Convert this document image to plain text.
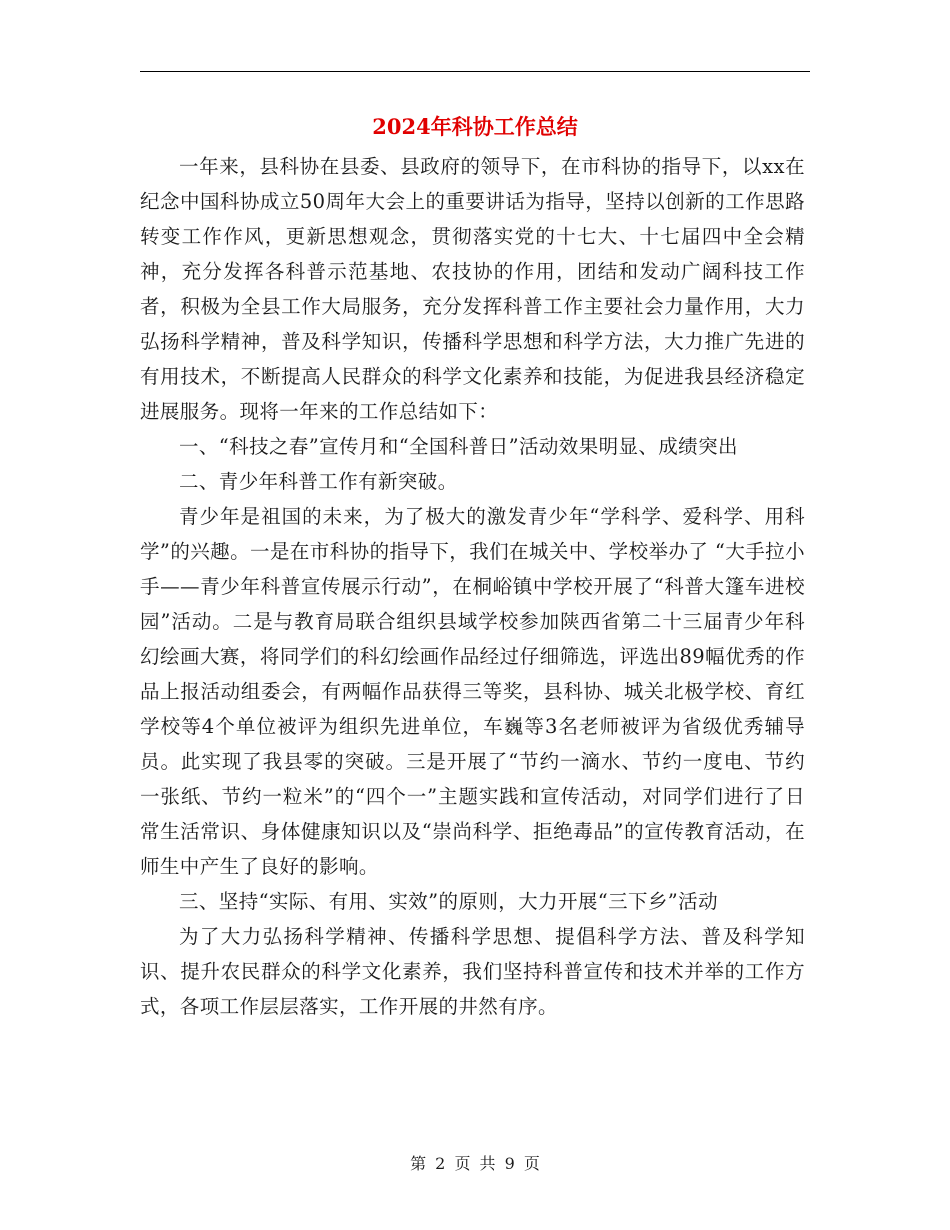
2024年科协工作总结

一年来，县科协在县委、县政府的领导下，在市科协的指导下，以xx在纪念中国科协成立50周年大会上的重要讲话为指导，坚持以创新的工作思路转变工作作风，更新思想观念，贯彻落实党的十七大、十七届四中全会精神，充分发挥各科普示范基地、农技协的作用，团结和发动广阔科技工作者，积极为全县工作大局服务，充分发挥科普工作主要社会力量作用，大力弘扬科学精神，普及科学知识，传播科学思想和科学方法，大力推广先进的有用技术，不断提高人民群众的科学文化素养和技能，为促进我县经济稳定进展服务。现将一年来的工作总结如下：

一、“科技之春”宣传月和“全国科普日”活动效果明显、成绩突出

二、青少年科普工作有新突破。

青少年是祖国的未来，为了极大的激发青少年“学科学、爱科学、用科学”的兴趣。一是在市科协的指导下，我们在城关中、学校举办了 “大手拉小手——青少年科普宣传展示行动”，在桐峪镇中学校开展了“科普大篷车进校园”活动。二是与教育局联合组织县域学校参加陕西省第二十三届青少年科幻绘画大赛，将同学们的科幻绘画作品经过仔细筛选，评选出89幅优秀的作品上报活动组委会，有两幅作品获得三等奖，县科协、城关北极学校、育红学校等4个单位被评为组织先进单位，车巍等3名老师被评为省级优秀辅导员。此实现了我县零的突破。三是开展了“节约一滴水、节约一度电、节约一张纸、节约一粒米”的“四个一”主题实践和宣传活动，对同学们进行了日常生活常识、身体健康知识以及“崇尚科学、拒绝毒品”的宣传教育活动，在师生中产生了良好的影响。

三、坚持“实际、有用、实效”的原则，大力开展“三下乡”活动

为了大力弘扬科学精神、传播科学思想、提倡科学方法、普及科学知识、提升农民群众的科学文化素养，我们坚持科普宣传和技术并举的工作方式，各项工作层层落实，工作开展的井然有序。

第 2 页 共 9 页
